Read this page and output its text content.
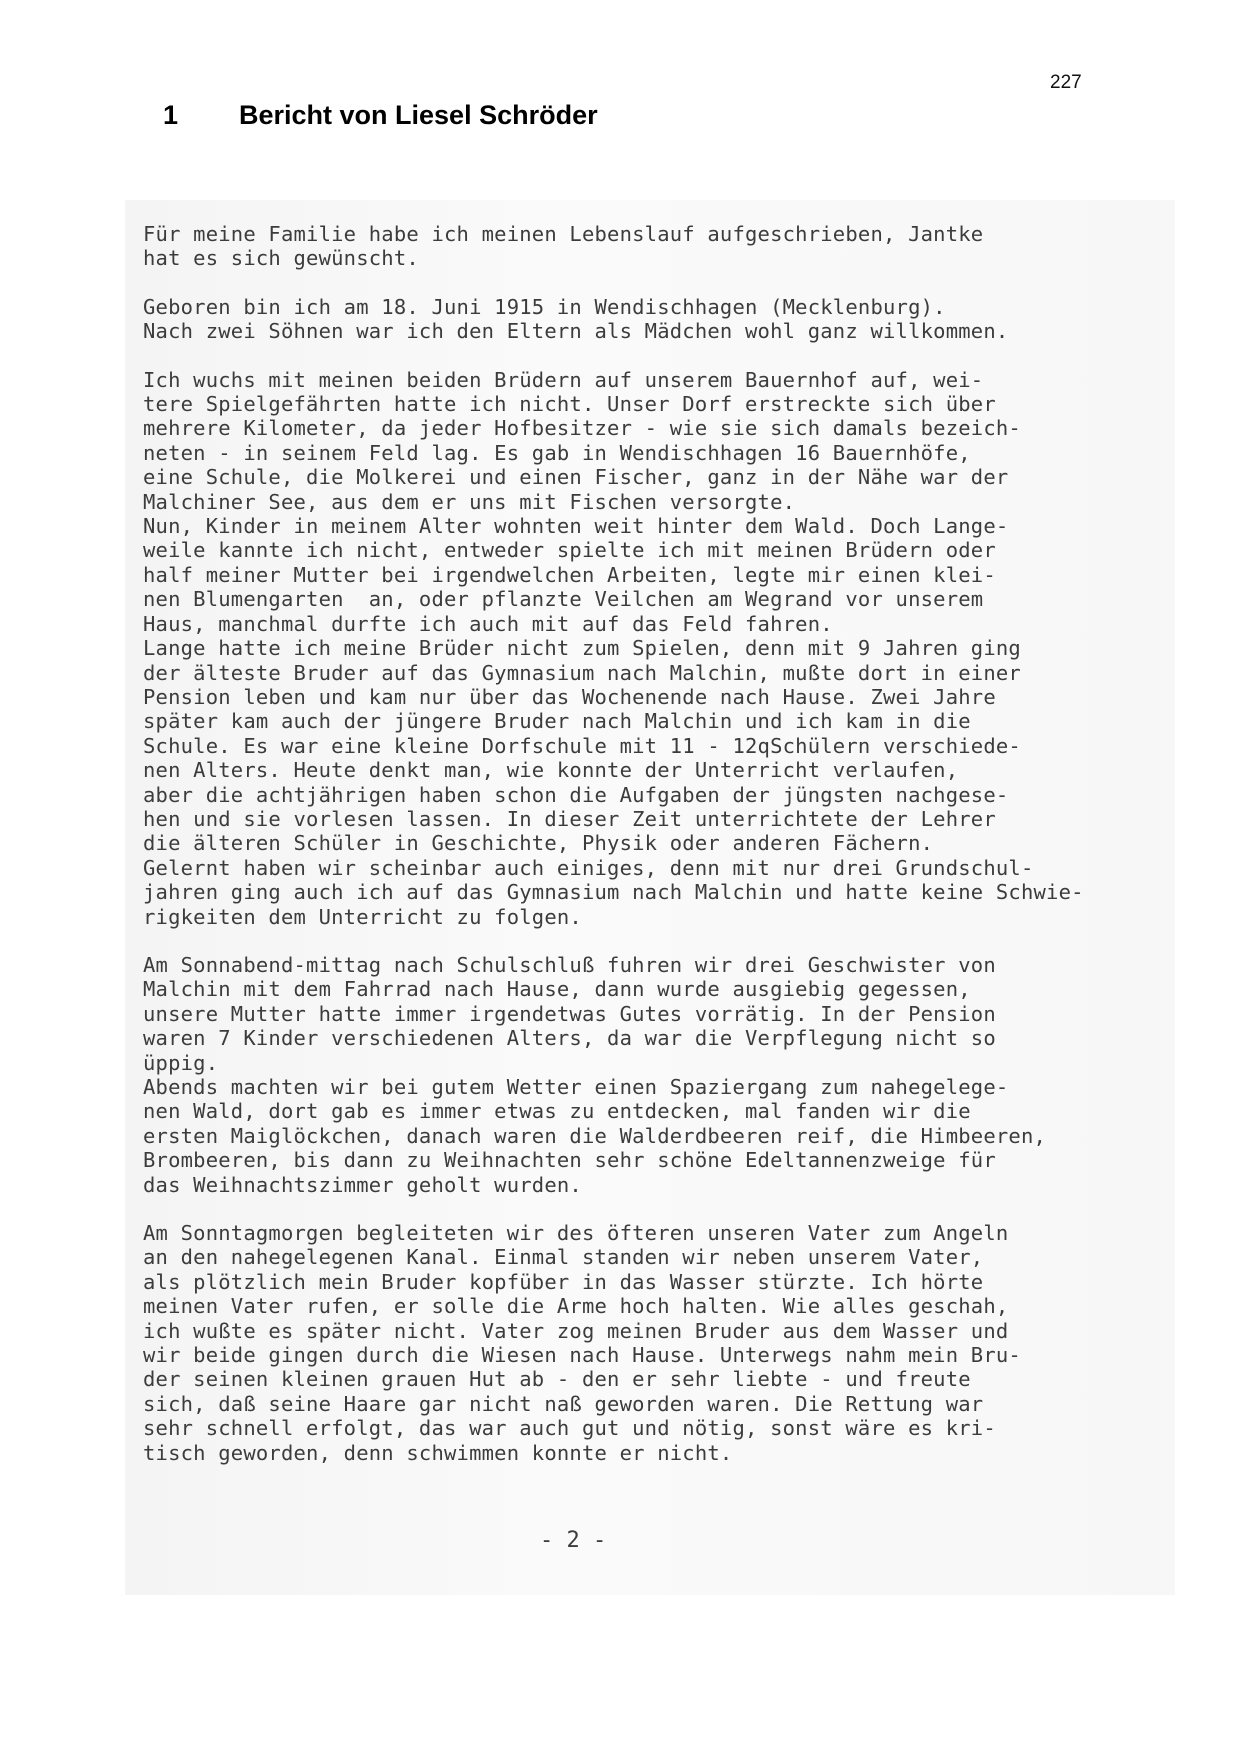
227
1 Bericht von Liesel Schröder

Für meine Familie habe ich meinen Lebenslauf aufgeschrieben, Jantke
hat es sich gewünscht.

Geboren bin ich am 18. Juni 1915 in Wendischhagen (Mecklenburg).
Nach zwei Söhnen war ich den Eltern als Mädchen wohl ganz willkommen.

Ich wuchs mit meinen beiden Brüdern auf unserem Bauernhof auf, wei-
tere Spielgefährten hatte ich nicht. Unser Dorf erstreckte sich über
mehrere Kilometer, da jeder Hofbesitzer - wie sie sich damals bezeich-
neten - in seinem Feld lag. Es gab in Wendischhagen 16 Bauernhöfe,
eine Schule, die Molkerei und einen Fischer, ganz in der Nähe war der
Malchiner See, aus dem er uns mit Fischen versorgte.

Nun, Kinder in meinem Alter wohnten weit hinter dem Wald. Doch Lange-
weile kannte ich nicht, entweder spielte ich mit meinen Brüdern oder
half meiner Mutter bei irgendwelchen Arbeiten, legte mir einen klei-
nen Blumengarten  an, oder pflanzte Veilchen am Wegrand vor unserem
Haus, manchmal durfte ich auch mit auf das Feld fahren.

Lange hatte ich meine Brüder nicht zum Spielen, denn mit 9 Jahren ging
der älteste Bruder auf das Gymnasium nach Malchin, mußte dort in einer
Pension leben und kam nur über das Wochenende nach Hause. Zwei Jahre
später kam auch der jüngere Bruder nach Malchin und ich kam in die
Schule. Es war eine kleine Dorfschule mit 11 - 12qSchülern verschiede-
nen Alters. Heute denkt man, wie konnte der Unterricht verlaufen,
aber die achtjährigen haben schon die Aufgaben der jüngsten nachgese-
hen und sie vorlesen lassen. In dieser Zeit unterrichtete der Lehrer
die älteren Schüler in Geschichte, Physik oder anderen Fächern.
Gelernt haben wir scheinbar auch einiges, denn mit nur drei Grundschul-
jahren ging auch ich auf das Gymnasium nach Malchin und hatte keine Schwie-
rigkeiten dem Unterricht zu folgen.

Am Sonnabend-mittag nach Schulschluß fuhren wir drei Geschwister von
Malchin mit dem Fahrrad nach Hause, dann wurde ausgiebig gegessen,
unsere Mutter hatte immer irgendetwas Gutes vorrätig. In der Pension
waren 7 Kinder verschiedenen Alters, da war die Verpflegung nicht so
üppig.

Abends machten wir bei gutem Wetter einen Spaziergang zum nahegelege-
nen Wald, dort gab es immer etwas zu entdecken, mal fanden wir die
ersten Maiglöckchen, danach waren die Walderdbeeren reif, die Himbeeren,
Brombeeren, bis dann zu Weihnachten sehr schöne Edeltannenzweige für
das Weihnachtszimmer geholt wurden.

Am Sonntagmorgen begleiteten wir des öfteren unseren Vater zum Angeln
an den nahegelegenen Kanal. Einmal standen wir neben unserem Vater,
als plötzlich mein Bruder kopfüber in das Wasser stürzte. Ich hörte
meinen Vater rufen, er solle die Arme hoch halten. Wie alles geschah,
ich wußte es später nicht. Vater zog meinen Bruder aus dem Wasser und
wir beide gingen durch die Wiesen nach Hause. Unterwegs nahm mein Bru-
der seinen kleinen grauen Hut ab - den er sehr liebte - und freute
sich, daß seine Haare gar nicht naß geworden waren. Die Rettung war
sehr schnell erfolgt, das war auch gut und nötig, sonst wäre es kri-
tisch geworden, denn schwimmen konnte er nicht.

- 2 -
